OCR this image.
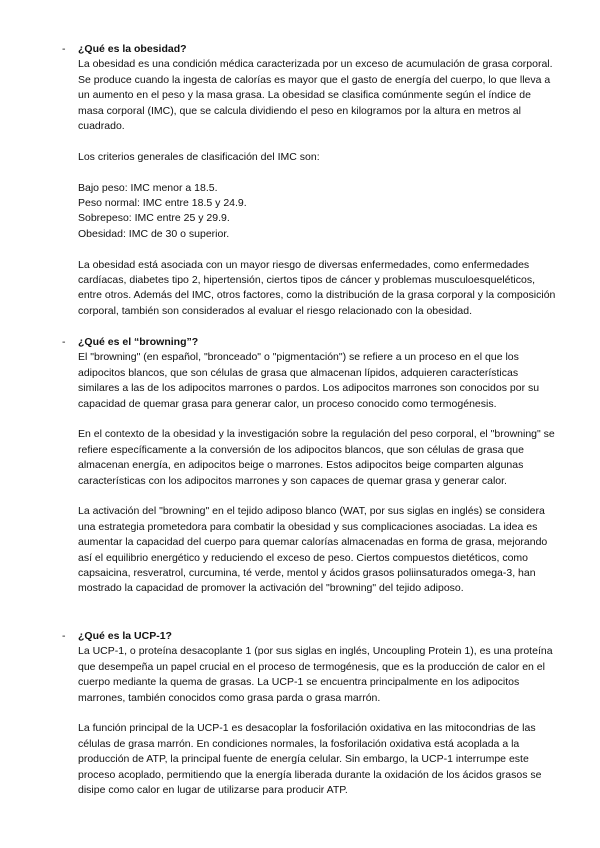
- ¿Qué es la obesidad?

La obesidad es una condición médica caracterizada por un exceso de acumulación de grasa corporal. Se produce cuando la ingesta de calorías es mayor que el gasto de energía del cuerpo, lo que lleva a un aumento en el peso y la masa grasa. La obesidad se clasifica comúnmente según el índice de masa corporal (IMC), que se calcula dividiendo el peso en kilogramos por la altura en metros al cuadrado.

Los criterios generales de clasificación del IMC son:

Bajo peso: IMC menor a 18.5.
Peso normal: IMC entre 18.5 y 24.9.
Sobrepeso: IMC entre 25 y 29.9.
Obesidad: IMC de 30 o superior.

La obesidad está asociada con un mayor riesgo de diversas enfermedades, como enfermedades cardíacas, diabetes tipo 2, hipertensión, ciertos tipos de cáncer y problemas musculoesqueléticos, entre otros. Además del IMC, otros factores, como la distribución de la grasa corporal y la composición corporal, también son considerados al evaluar el riesgo relacionado con la obesidad.

- ¿Qué es el “browning”?

El "browning" (en español, "bronceado" o "pigmentación") se refiere a un proceso en el que los adipocitos blancos, que son células de grasa que almacenan lípidos, adquieren características similares a las de los adipocitos marrones o pardos. Los adipocitos marrones son conocidos por su capacidad de quemar grasa para generar calor, un proceso conocido como termogénesis.

En el contexto de la obesidad y la investigación sobre la regulación del peso corporal, el "browning" se refiere específicamente a la conversión de los adipocitos blancos, que son células de grasa que almacenan energía, en adipocitos beige o marrones. Estos adipocitos beige comparten algunas características con los adipocitos marrones y son capaces de quemar grasa y generar calor.

La activación del "browning" en el tejido adiposo blanco (WAT, por sus siglas en inglés) se considera una estrategia prometedora para combatir la obesidad y sus complicaciones asociadas. La idea es aumentar la capacidad del cuerpo para quemar calorías almacenadas en forma de grasa, mejorando así el equilibrio energético y reduciendo el exceso de peso. Ciertos compuestos dietéticos, como capsaicina, resveratrol, curcumina, té verde, mentol y ácidos grasos poliinsaturados omega-3, han mostrado la capacidad de promover la activación del "browning" del tejido adiposo.

- ¿Qué es la UCP-1?

La UCP-1, o proteína desacoplante 1 (por sus siglas en inglés, Uncoupling Protein 1), es una proteína que desempeña un papel crucial en el proceso de termogénesis, que es la producción de calor en el cuerpo mediante la quema de grasas. La UCP-1 se encuentra principalmente en los adipocitos marrones, también conocidos como grasa parda o grasa marrón.

La función principal de la UCP-1 es desacoplar la fosforilación oxidativa en las mitocondrias de las células de grasa marrón. En condiciones normales, la fosforilación oxidativa está acoplada a la producción de ATP, la principal fuente de energía celular. Sin embargo, la UCP-1 interrumpe este proceso acoplado, permitiendo que la energía liberada durante la oxidación de los ácidos grasos se disipe como calor en lugar de utilizarse para producir ATP.
